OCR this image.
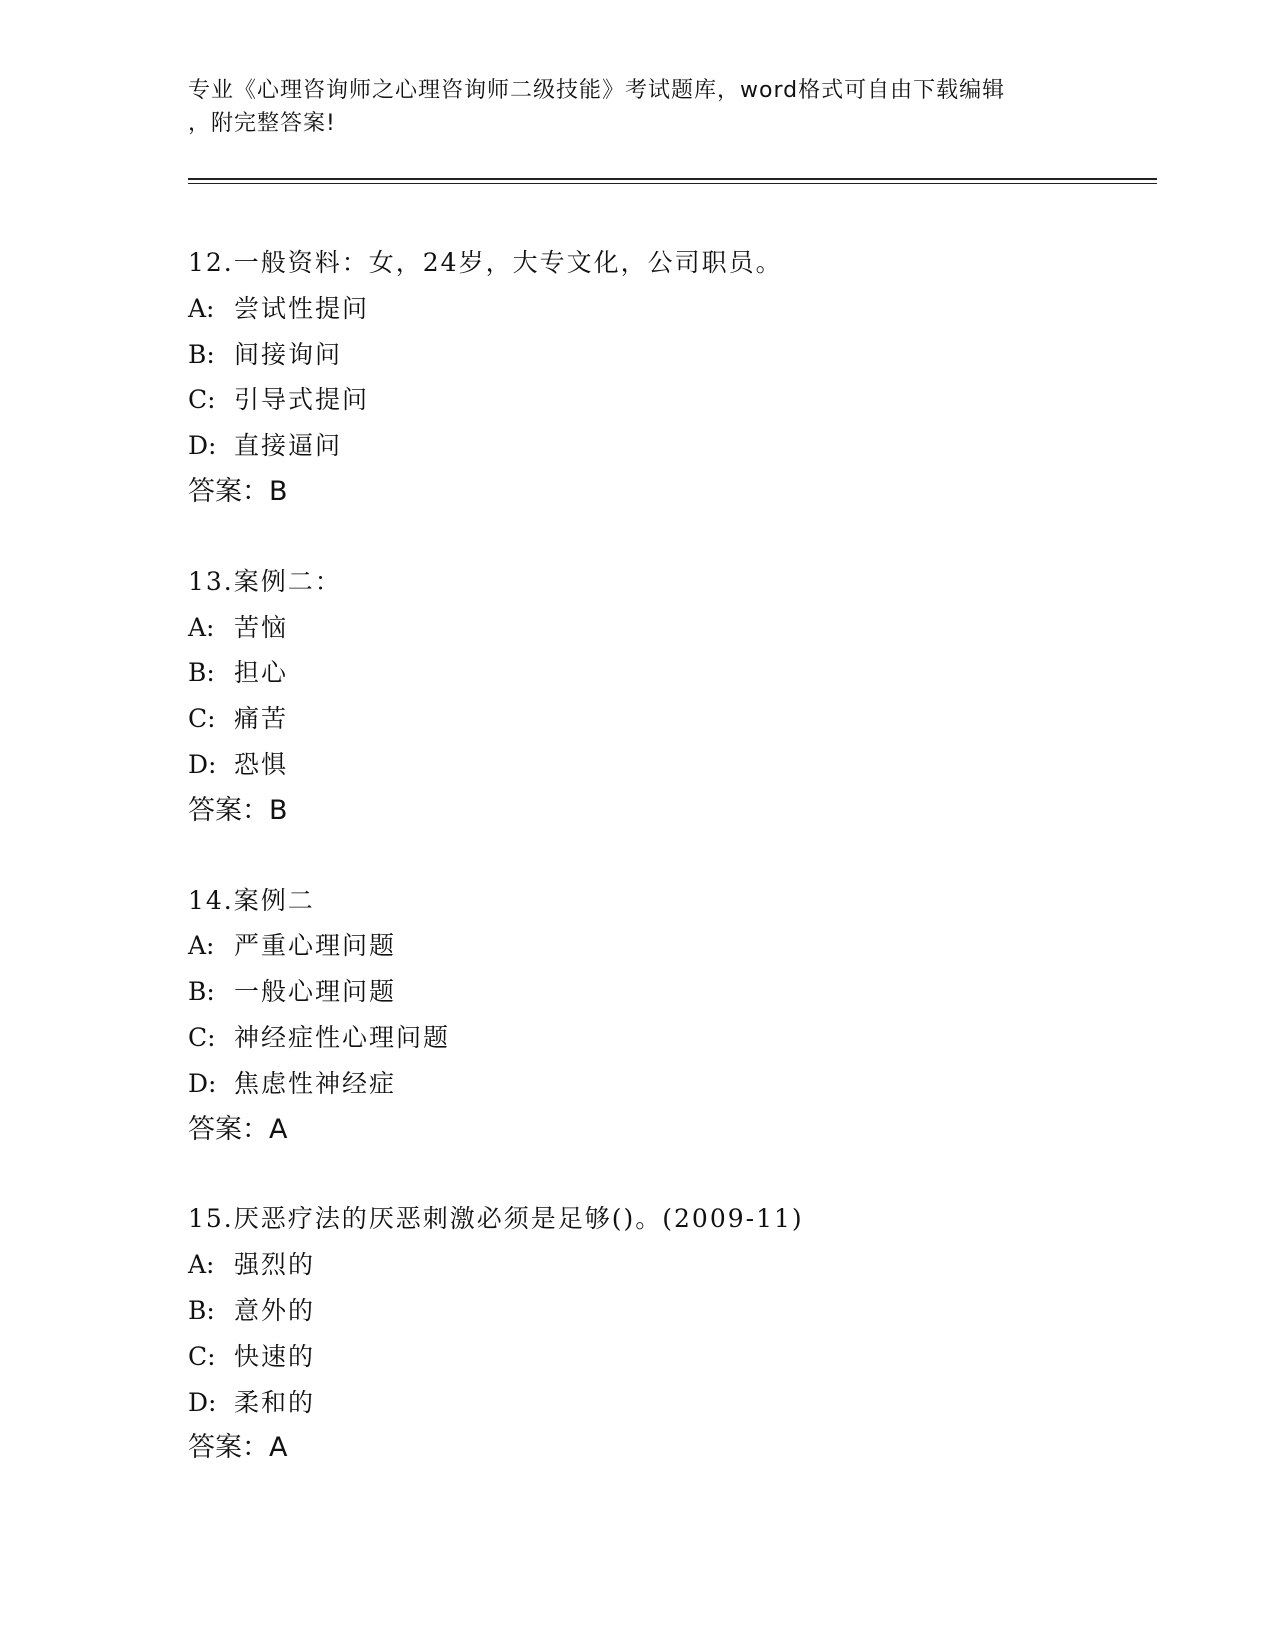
专业《心理咨询师之心理咨询师二级技能》考试题库，word格式可自由下载编辑
，附完整答案!
12.一般资料：女，24岁，大专文化，公司职员。
A: 尝试性提问
B: 间接询问
C: 引导式提问
D: 直接逼问
答案：B
13.案例二：
A: 苦恼
B: 担心
C: 痛苦
D: 恐惧
答案：B
14.案例二
A: 严重心理问题
B: 一般心理问题
C: 神经症性心理问题
D: 焦虑性神经症
答案：A
15.厌恶疗法的厌恶刺激必须是足够()。(2009-11)
A: 强烈的
B: 意外的
C: 快速的
D: 柔和的
答案：A
